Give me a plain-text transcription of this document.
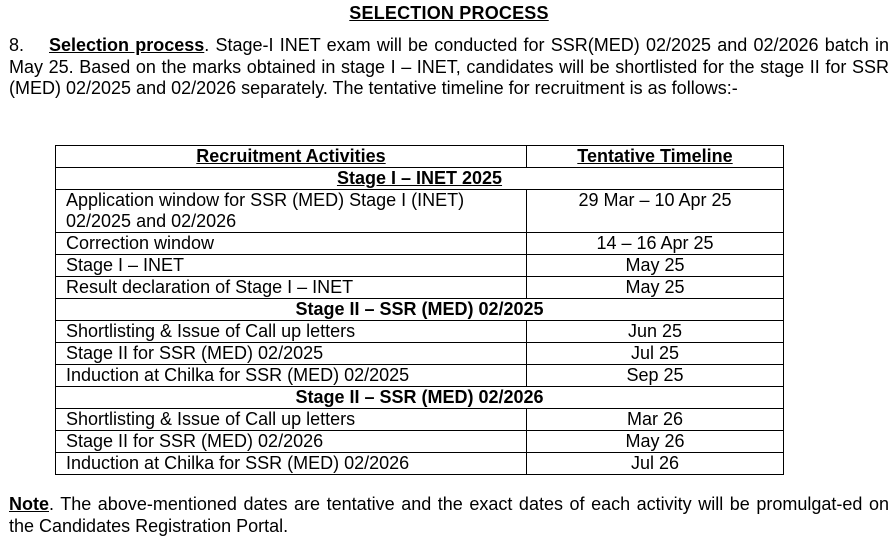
SELECTION PROCESS

8. Selection process. Stage-I INET exam will be conducted for SSR(MED) 02/2025 and 02/2026 batch in May 25. Based on the marks obtained in stage I – INET, candidates will be shortlisted for the stage II for SSR (MED) 02/2025 and 02/2026 separately. The tentative timeline for recruitment is as follows:-

Recruitment Activities	Tentative Timeline
Stage I – INET 2025	
Application window for SSR (MED) Stage I (INET) 02/2025 and 02/2026	29 Mar – 10 Apr 25
Correction window	14 – 16 Apr 25
Stage I – INET	May 25
Result declaration of Stage I – INET	May 25
Stage II – SSR (MED) 02/2025	
Shortlisting & Issue of Call up letters	Jun 25
Stage II for SSR (MED) 02/2025	Jul 25
Induction at Chilka for SSR (MED) 02/2025	Sep 25
Stage II – SSR (MED) 02/2026	
Shortlisting & Issue of Call up letters	Mar 26
Stage II for SSR (MED) 02/2026	May 26
Induction at Chilka for SSR (MED) 02/2026	Jul 26

Note. The above-mentioned dates are tentative and the exact dates of each activity will be promulgat-ed on the Candidates Registration Portal.
